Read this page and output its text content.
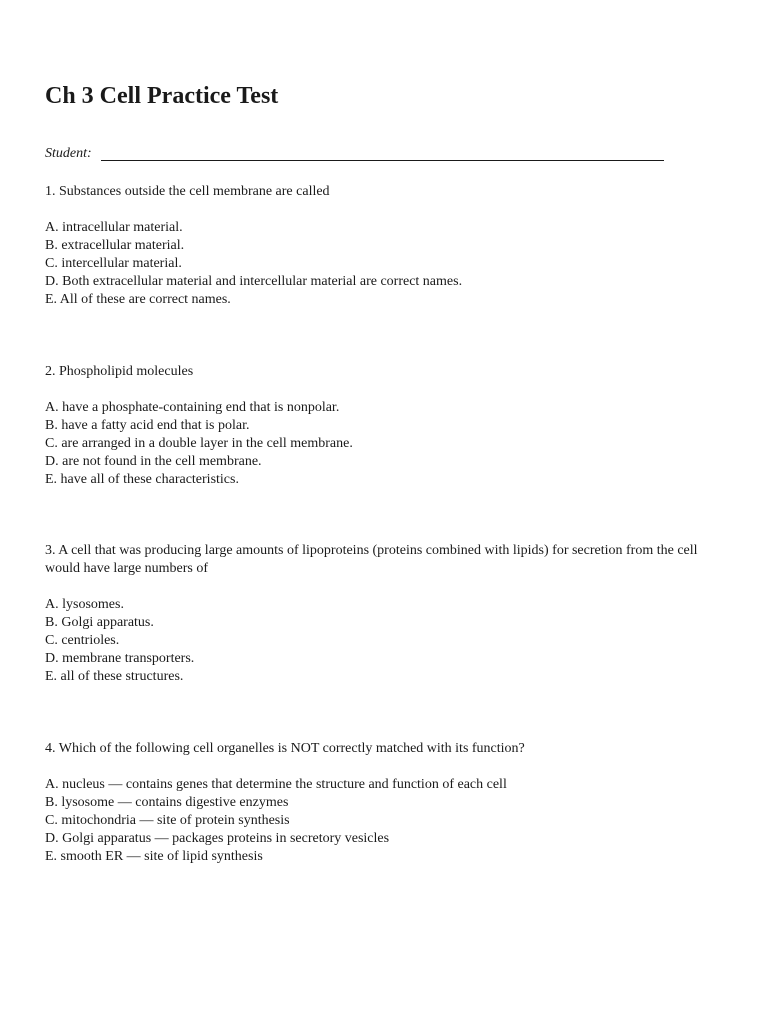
Ch 3 Cell Practice Test
Student:

1. Substances outside the cell membrane are called

A. intracellular material.

B. extracellular material.

C. intercellular material.

D. Both extracellular material and intercellular material are correct names.

E. All of these are correct names.

2. Phospholipid molecules

A. have a phosphate-containing end that is nonpolar.

B. have a fatty acid end that is polar.

C. are arranged in a double layer in the cell membrane.

D. are not found in the cell membrane.

E. have all of these characteristics.

3. A cell that was producing large amounts of lipoproteins (proteins combined with lipids) for secretion from the cell would have large numbers of

A. lysosomes.

B. Golgi apparatus.

C. centrioles.

D. membrane transporters.

E. all of these structures.

4. Which of the following cell organelles is NOT correctly matched with its function?

A. nucleus — contains genes that determine the structure and function of each cell

B. lysosome — contains digestive enzymes

C. mitochondria — site of protein synthesis

D. Golgi apparatus — packages proteins in secretory vesicles

E. smooth ER — site of lipid synthesis
